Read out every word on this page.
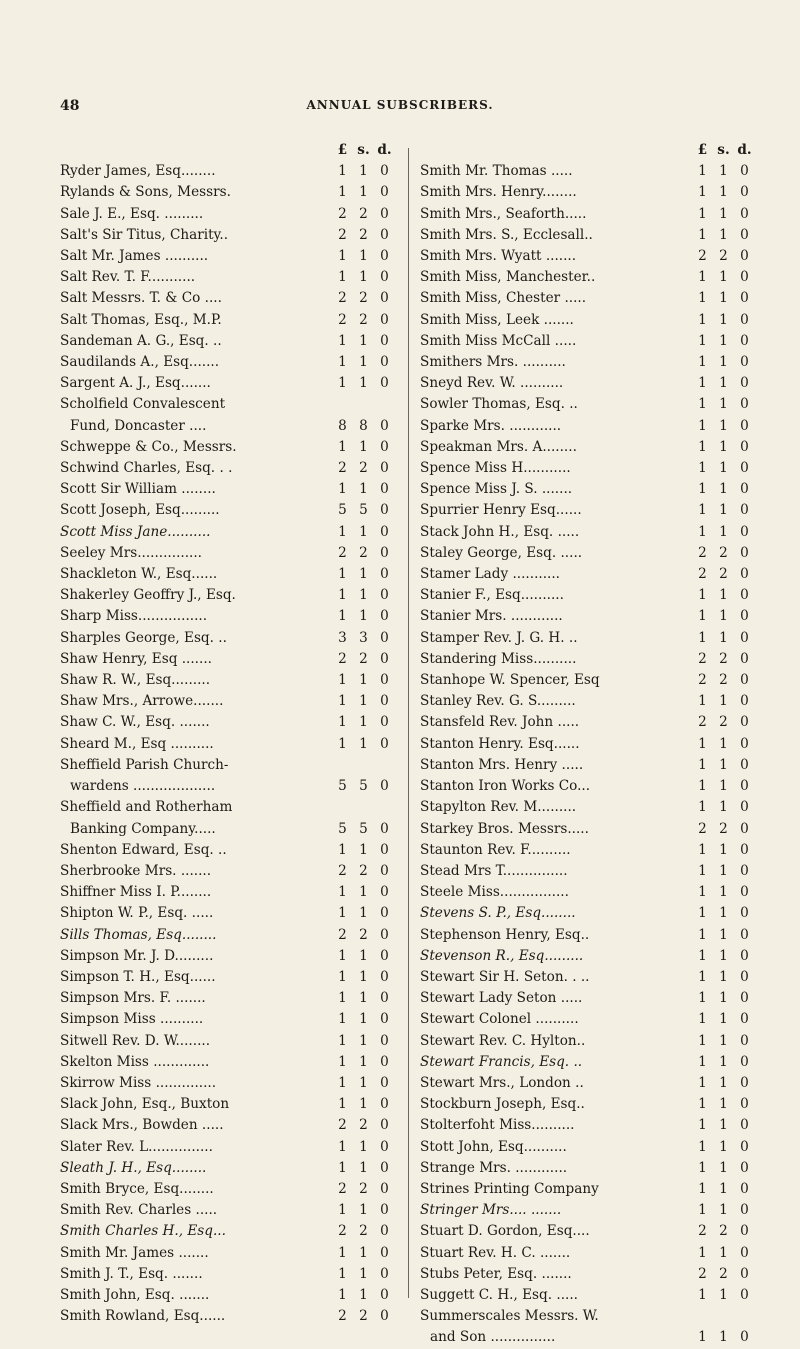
48	ANNUAL SUBSCRIBERS.
£ s. d.
Ryder James, Esq........	1 1 0
Rylands & Sons, Messrs.	1 1 0
Sale J. E., Esq. .........	2 2 0
Salt's Sir Titus, Charity..	2 2 0
Salt Mr. James ..........	1 1 0
Salt Rev. T. F...........	1 1 0
Salt Messrs. T. & Co ....	2 2 0
Salt Thomas, Esq., M.P.	2 2 0
Sandeman A. G., Esq. ..	1 1 0
Saudilands A., Esq.......	1 1 0
Sargent A. J., Esq.......	1 1 0
Scholfield Convalescent
Fund, Doncaster ....	8 8 0
Schweppe & Co., Messrs.	1 1 0
Schwind Charles, Esq. . .	2 2 0
Scott Sir William ........	1 1 0
Scott Joseph, Esq.........	5 5 0
Scott Miss Jane..........	1 1 0
Seeley Mrs...............	2 2 0
Shackleton W., Esq......	1 1 0
Shakerley Geoffry J., Esq.	1 1 0
Sharp Miss................	1 1 0
Sharples George, Esq. ..	3 3 0
Shaw Henry, Esq .......	2 2 0
Shaw R. W., Esq.........	1 1 0
Shaw Mrs., Arrowe.......	1 1 0
Shaw C. W., Esq. .......	1 1 0
Sheard M., Esq ..........	1 1 0
Sheffield Parish Church-
wardens ...................	5 5 0
Sheffield and Rotherham
Banking Company.....	5 5 0
Shenton Edward, Esq. ..	1 1 0
Sherbrooke Mrs. .......	2 2 0
Shiffner Miss I. P........	1 1 0
Shipton W. P., Esq. .....	1 1 0
Sills Thomas, Esq........	2 2 0
Simpson Mr. J. D.........	1 1 0
Simpson T. H., Esq......	1 1 0
Simpson Mrs. F. .......	1 1 0
Simpson Miss ..........	1 1 0
Sitwell Rev. D. W........	1 1 0
Skelton Miss .............	1 1 0
Skirrow Miss ..............	1 1 0
Slack John, Esq., Buxton	1 1 0
Slack Mrs., Bowden .....	2 2 0
Slater Rev. L...............	1 1 0
Sleath J. H., Esq........	1 1 0
Smith Bryce, Esq........	2 2 0
Smith Rev. Charles .....	1 1 0
Smith Charles H., Esq...	2 2 0
Smith Mr. James .......	1 1 0
Smith J. T., Esq. .......	1 1 0
Smith John, Esq. .......	1 1 0
Smith Rowland, Esq......	2 2 0
£ s. d.
Smith Mr. Thomas .....	1 1 0
Smith Mrs. Henry........	1 1 0
Smith Mrs., Seaforth.....	1 1 0
Smith Mrs. S., Ecclesall..	1 1 0
Smith Mrs. Wyatt .......	2 2 0
Smith Miss, Manchester..	1 1 0
Smith Miss, Chester .....	1 1 0
Smith Miss, Leek .......	1 1 0
Smith Miss McCall .....	1 1 0
Smithers Mrs. ..........	1 1 0
Sneyd Rev. W. ..........	1 1 0
Sowler Thomas, Esq. ..	1 1 0
Sparke Mrs. ............	1 1 0
Speakman Mrs. A........	1 1 0
Spence Miss H...........	1 1 0
Spence Miss J. S. .......	1 1 0
Spurrier Henry Esq......	1 1 0
Stack John H., Esq. .....	1 1 0
Staley George, Esq. .....	2 2 0
Stamer Lady ...........	2 2 0
Stanier F., Esq..........	1 1 0
Stanier Mrs. ............	1 1 0
Stamper Rev. J. G. H. ..	1 1 0
Standering Miss..........	2 2 0
Stanhope W. Spencer, Esq	2 2 0
Stanley Rev. G. S.........	1 1 0
Stansfeld Rev. John .....	2 2 0
Stanton Henry. Esq......	1 1 0
Stanton Mrs. Henry .....	1 1 0
Stanton Iron Works Co...	1 1 0
Stapylton Rev. M.........	1 1 0
Starkey Bros. Messrs.....	2 2 0
Staunton Rev. F..........	1 1 0
Stead Mrs T...............	1 1 0
Steele Miss................	1 1 0
Stevens S. P., Esq........	1 1 0
Stephenson Henry, Esq..	1 1 0
Stevenson R., Esq.........	1 1 0
Stewart Sir H. Seton. . ..	1 1 0
Stewart Lady Seton .....	1 1 0
Stewart Colonel ..........	1 1 0
Stewart Rev. C. Hylton..	1 1 0
Stewart Francis, Esq. ..	1 1 0
Stewart Mrs., London ..	1 1 0
Stockburn Joseph, Esq..	1 1 0
Stolterfoht Miss..........	1 1 0
Stott John, Esq..........	1 1 0
Strange Mrs. ............	1 1 0
Strines Printing Company	1 1 0
Stringer Mrs.... .......	1 1 0
Stuart D. Gordon, Esq....	2 2 0
Stuart Rev. H. C. .......	1 1 0
Stubs Peter, Esq. .......	2 2 0
Suggett C. H., Esq. .....	1 1 0
Summerscales Messrs. W.
and Son ...............	1 1 0
